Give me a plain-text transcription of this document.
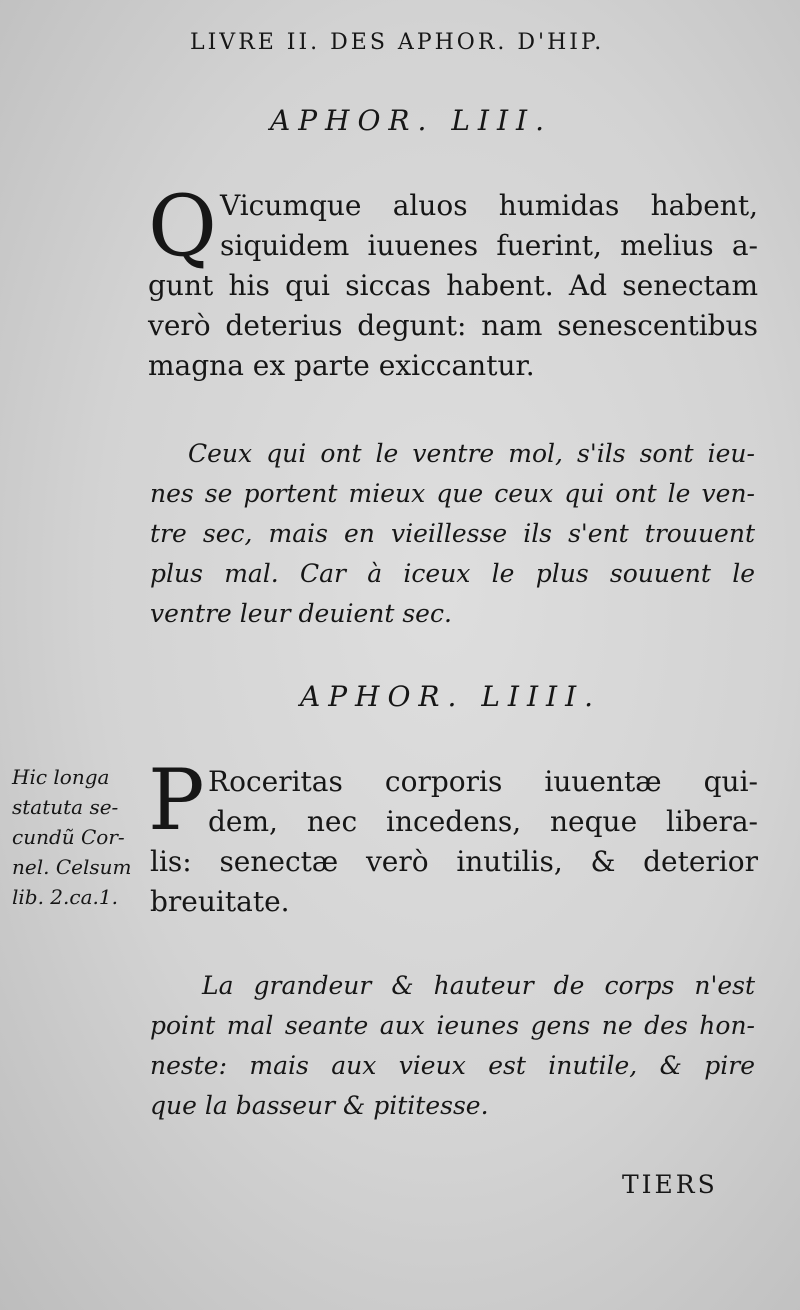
LIVRE II. DES APHOR. D'HIP.
APHOR. LIII.
Q Vicumque aluos humidas habent,
siquidem iuuenes fuerint, melius a-
gunt his qui siccas habent. Ad senectam
verò deterius degunt: nam senescentibus
magna ex parte exiccantur.
Ceux qui ont le ventre mol, s'ils sont ieu-
nes se portent mieux que ceux qui ont le ven-
tre sec, mais en vieillesse ils s'ent trouuent
plus mal. Car à iceux le plus souuent le
ventre leur deuient sec.
APHOR. LIIII.
Hic longa
statuta se-
cundũ Cor-
nel. Celsum
lib. 2.ca.1.
P Roceritas corporis iuuentæ qui-
dem, nec incedens, neque libera-
lis: senectæ verò inutilis, & deterior
breuitate.
La grandeur & hauteur de corps n'est
point mal seante aux ieunes gens ne des hon-
neste: mais aux vieux est inutile, & pire
que la basseur & pititesse.
TIERS
